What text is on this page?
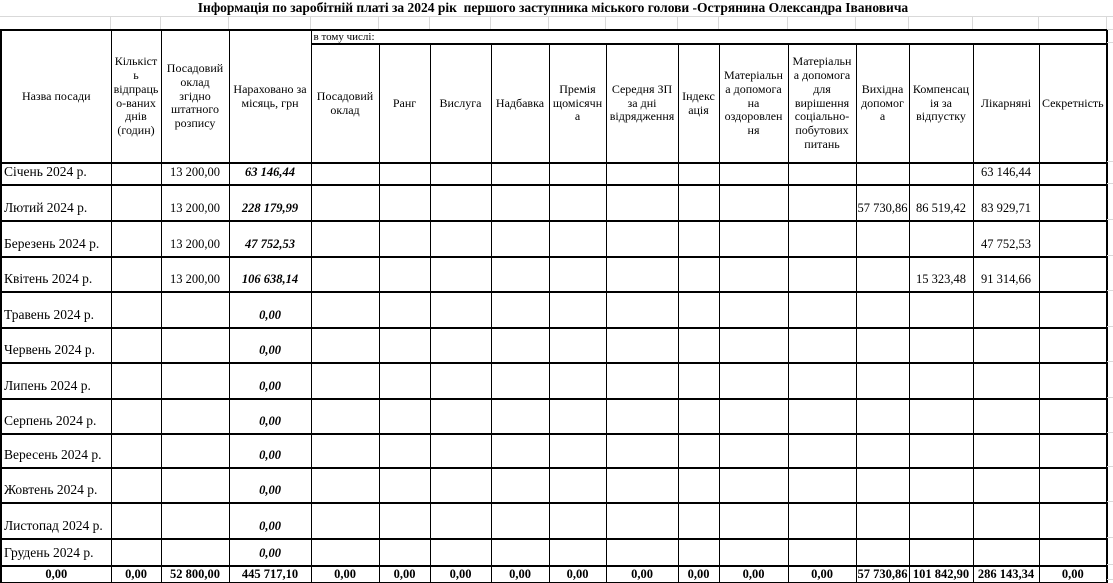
Інформація по заробітній платі за 2024 рік  першого заступника міського голови -Острянина Олександра Івановича
Назва посади	Кількість відпрацьо-ваних днів (годин)	Посадовий оклад згідно штатного розпису	Нараховано за місяць, грн	в тому числі:												
				Посадовий оклад	Ранг	Вислуга	Надбавка	Премія щомісячна	Середня ЗП за дні відрядження	Індексація	Матеріальна допомога на оздоровлення	Матеріальна допомога для вирішення соціально-побутових питань	Вихідна допомога	Компенсація за відпустку	Лікарняні	Секретність
Січень 2024 р.		13 200,00	63 146,44												63 146,44	
Лютий 2024 р.		13 200,00	228 179,99										57 730,86	86 519,42	83 929,71	
Березень 2024 р.		13 200,00	47 752,53												47 752,53	
Квітень 2024 р.		13 200,00	106 638,14											15 323,48	91 314,66	
Травень 2024 р.			0,00													
Червень 2024 р.			0,00													
Липень 2024 р.			0,00													
Серпень 2024 р.			0,00													
Вересень 2024 р.			0,00													
Жовтень 2024 р.			0,00													
Листопад 2024 р.			0,00													
Грудень 2024 р.			0,00													
0,00	0,00	52 800,00	445 717,10	0,00	0,00	0,00	0,00	0,00	0,00	0,00	0,00	0,00	57 730,86	101 842,90	286 143,34	0,00
